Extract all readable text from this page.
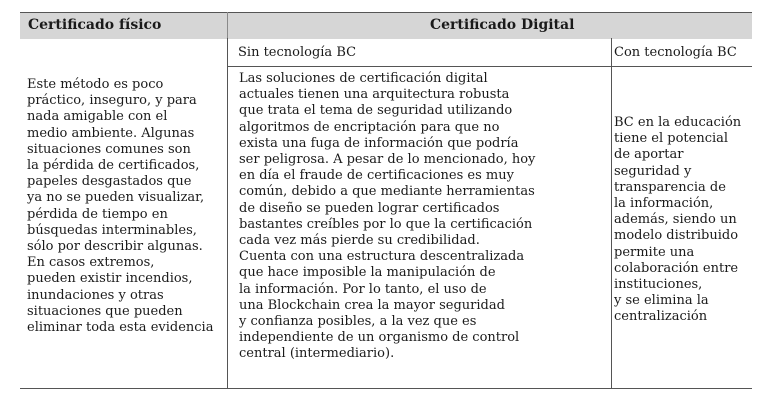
Certificado físico	Certificado Digital
Sin tecnología BC	Con tecnología BC
Este método es poco
práctico, inseguro, y para
nada amigable con el
medio ambiente. Algunas
situaciones comunes son
la pérdida de certificados,
papeles desgastados que
ya no se pueden visualizar,
pérdida de tiempo en
búsquedas interminables,
sólo por describir algunas.
En casos extremos,
pueden existir incendios,
inundaciones y otras
situaciones que pueden
eliminar toda esta evidencia
Las soluciones de certificación digital
actuales tienen una arquitectura robusta
que trata el tema de seguridad utilizando
algoritmos de encriptación para que no
exista una fuga de información que podría
ser peligrosa. A pesar de lo mencionado, hoy
en día el fraude de certificaciones es muy
común, debido a que mediante herramientas
de diseño se pueden lograr certificados
bastantes creíbles por lo que la certificación
cada vez más pierde su credibilidad.
Cuenta con una estructura descentralizada
que hace imposible la manipulación de
la información. Por lo tanto, el uso de
una Blockchain crea la mayor seguridad
y confianza posibles, a la vez que es
independiente de un organismo de control
central (intermediario).
BC en la educación
tiene el potencial
de aportar
seguridad y
transparencia de
la información,
además, siendo un
modelo distribuido
permite una
colaboración entre
instituciones,
y se elimina la
centralización
